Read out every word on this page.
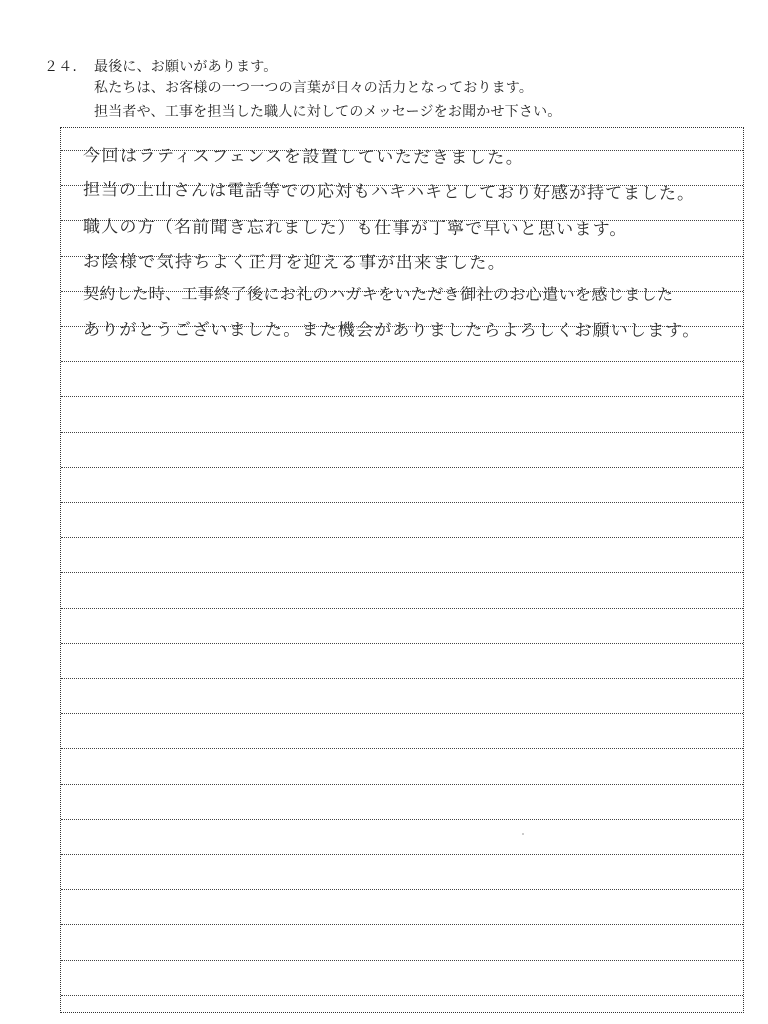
２４. 最後に、お願いがあります。
私たちは、お客様の一つ一つの言葉が日々の活力となっております。
担当者や、工事を担当した職人に対してのメッセージをお聞かせ下さい。
今回はラティスフェンスを設置していただきました。
担当の上山さんは電話等での応対もハキハキとしており好感が持てました。
職人の方（名前聞き忘れました）も仕事が丁寧で早いと思います。
お陰様で気持ちよく正月を迎える事が出来ました。
契約した時、工事終了後にお礼のハガキをいただき御社のお心遣いを感じました
ありがとうございました。また機会がありましたらよろしくお願いします。
